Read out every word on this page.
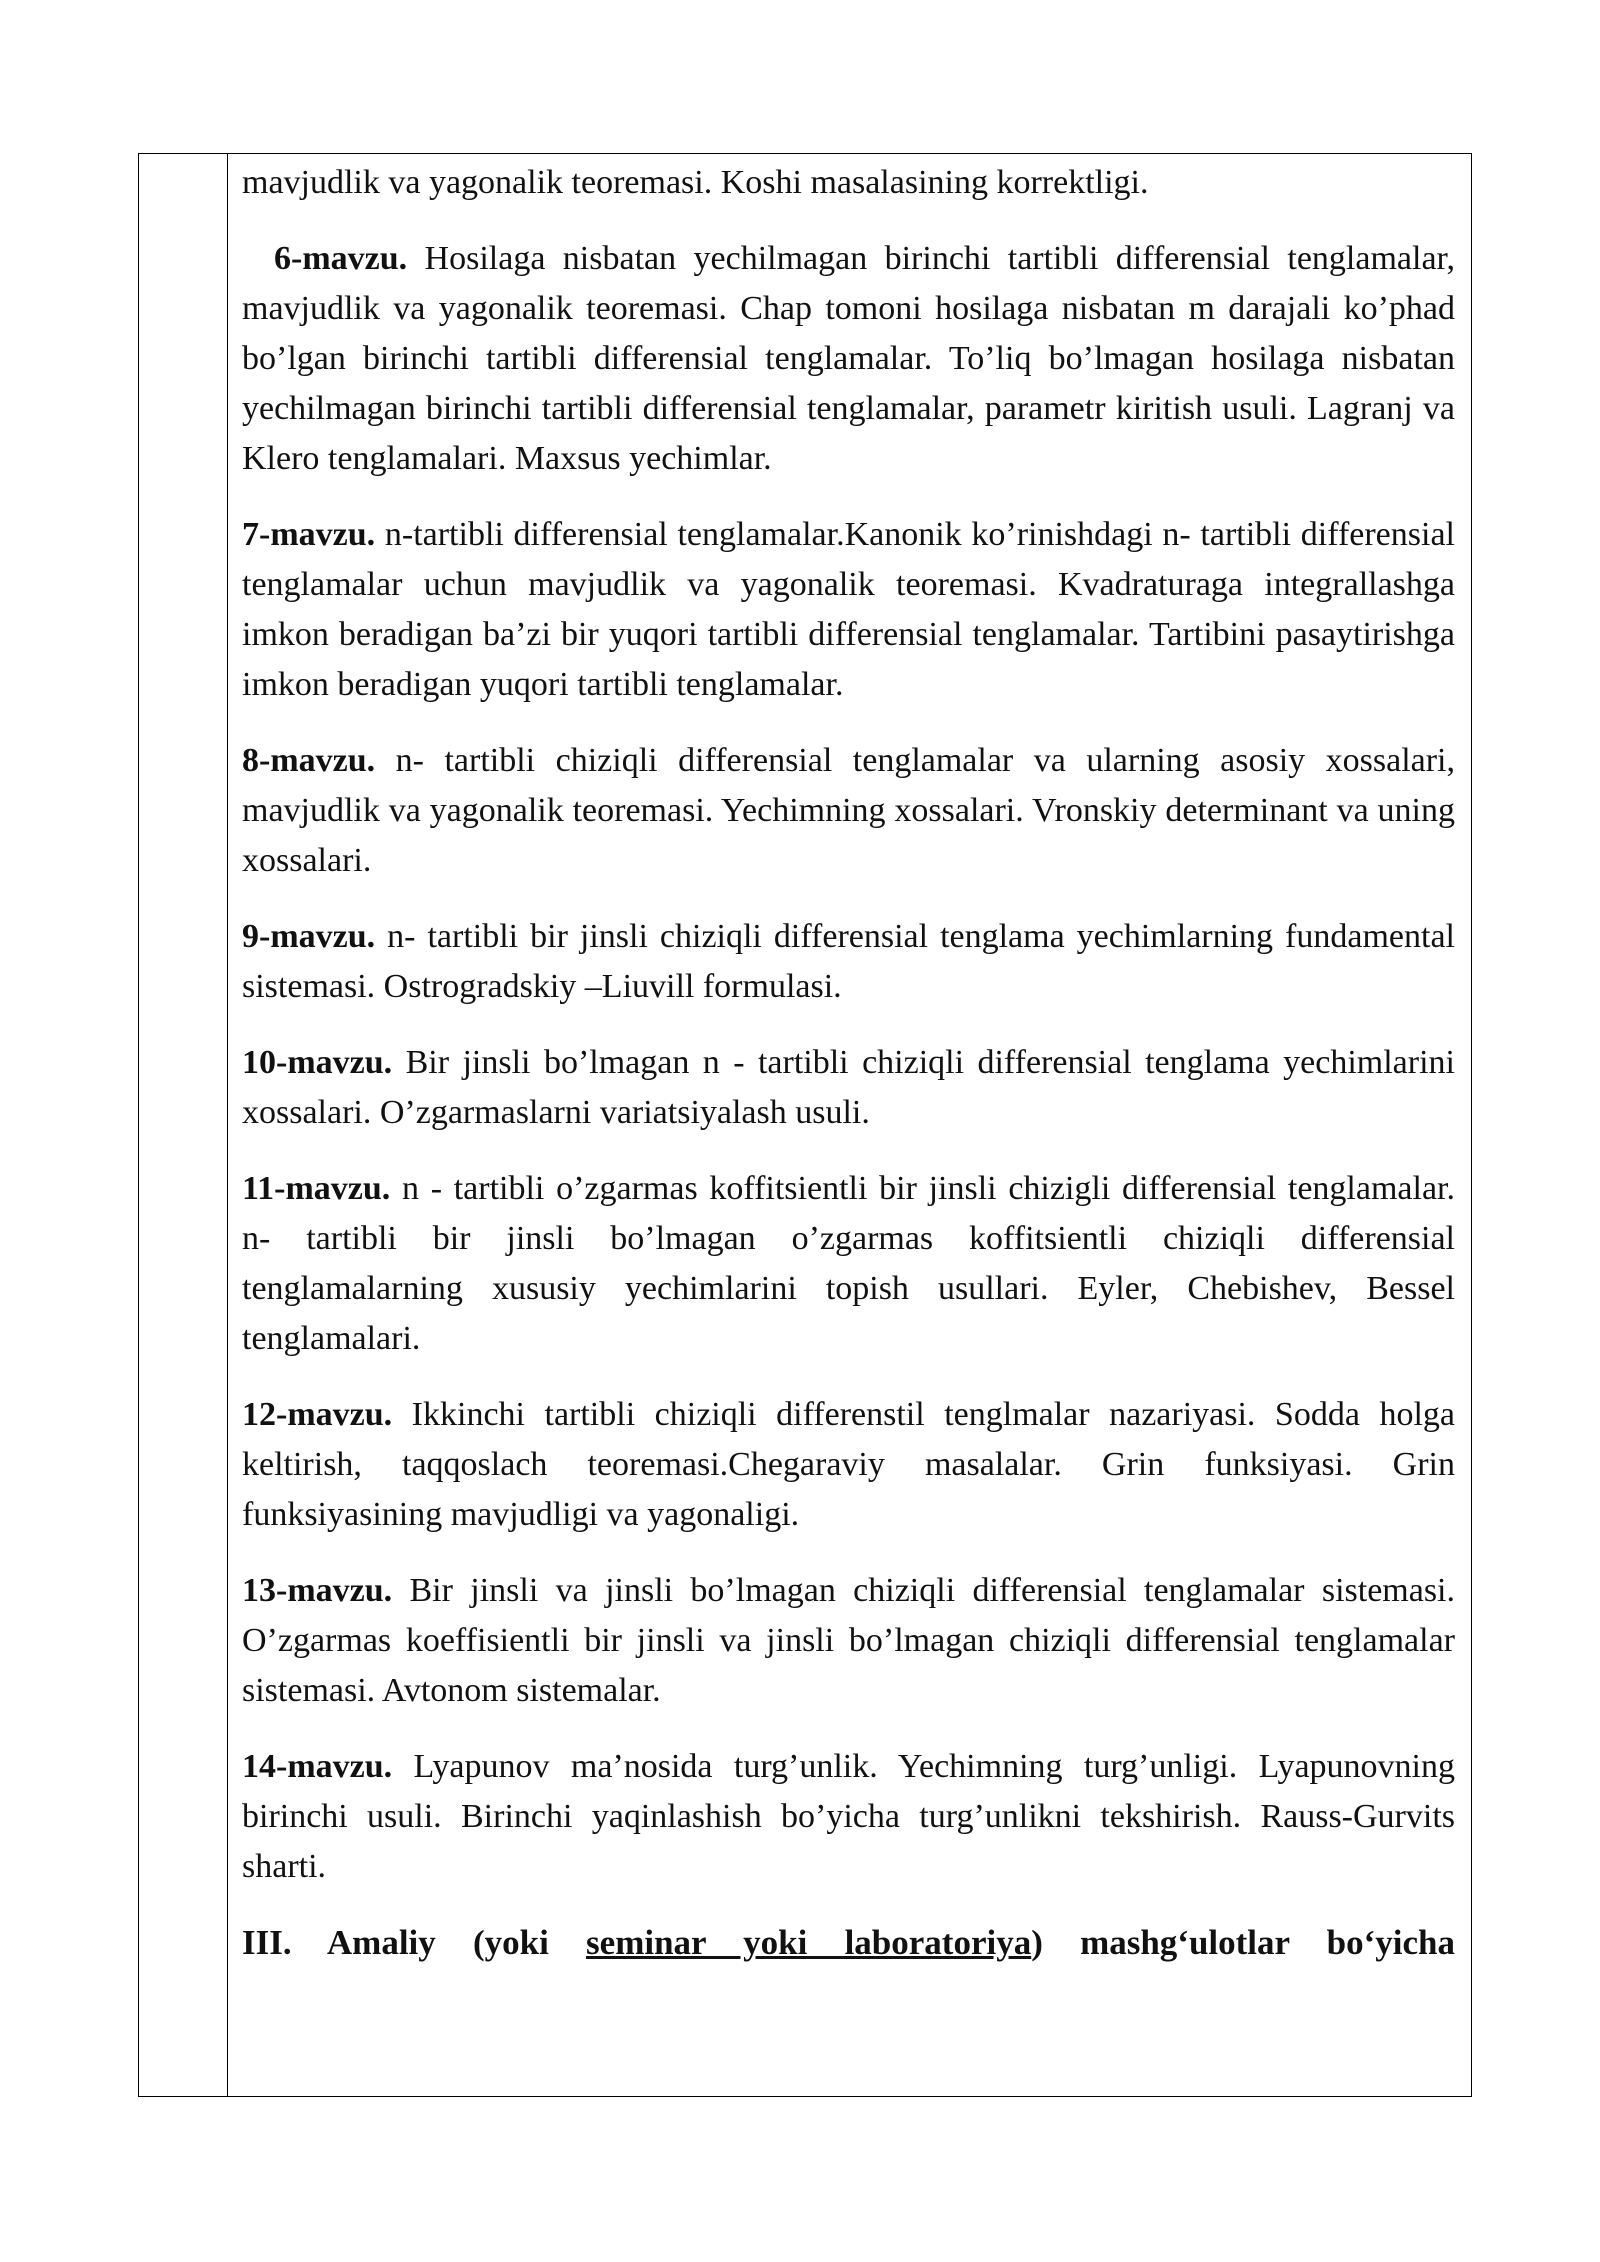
mavjudlik va yagonalik teoremasi. Koshi masalasining korrektligi.

6-mavzu. Hosilaga nisbatan yechilmagan birinchi tartibli differensial tenglamalar, mavjudlik va yagonalik teoremasi. Chap tomoni hosilaga nisbatan m darajali ko’phad bo’lgan birinchi tartibli differensial tenglamalar. To’liq bo’lmagan hosilaga nisbatan yechilmagan birinchi tartibli differensial tenglamalar, parametr kiritish usuli. Lagranj va Klero tenglamalari. Maxsus yechimlar.

7-mavzu. n-tartibli differensial tenglamalar.Kanonik ko’rinishdagi n- tartibli differensial tenglamalar uchun mavjudlik va yagonalik teoremasi. Kvadraturaga integrallashga imkon beradigan ba’zi bir yuqori tartibli differensial tenglamalar. Tartibini pasaytirishga imkon beradigan yuqori tartibli tenglamalar.

8-mavzu. n- tartibli chiziqli differensial tenglamalar va ularning asosiy xossalari, mavjudlik va yagonalik teoremasi. Yechimning xossalari. Vronskiy determinant va uning xossalari.

9-mavzu. n- tartibli bir jinsli chiziqli differensial tenglama yechimlarning fundamental sistemasi. Ostrogradskiy –Liuvill formulasi.

10-mavzu. Bir jinsli bo’lmagan n - tartibli chiziqli differensial tenglama yechimlarini xossalari. O’zgarmaslarni variatsiyalash usuli.

11-mavzu. n - tartibli o’zgarmas koffitsientli bir jinsli chizigli differensial tenglamalar. n- tartibli bir jinsli bo’lmagan o’zgarmas koffitsientli chiziqli differensial tenglamalarning xususiy yechimlarini topish usullari. Eyler, Chebishev, Bessel tenglamalari.

12-mavzu. Ikkinchi tartibli chiziqli differenstil tenglmalar nazariyasi. Sodda holga keltirish, taqqoslach teoremasi.Chegaraviy masalalar. Grin funksiyasi. Grin funksiyasining mavjudligi va yagonaligi.

13-mavzu. Bir jinsli va jinsli bo’lmagan chiziqli differensial tenglamalar sistemasi. O’zgarmas koeffisientli bir jinsli va jinsli bo’lmagan chiziqli differensial tenglamalar sistemasi. Avtonom sistemalar.

14-mavzu. Lyapunov ma’nosida turg’unlik. Yechimning turg’unligi. Lyapunovning birinchi usuli. Birinchi yaqinlashish bo’yicha turg’unlikni tekshirish. Rauss-Gurvits sharti.

III. Amaliy (yoki seminar yoki laboratoriya) mashg‘ulotlar bo‘yicha
